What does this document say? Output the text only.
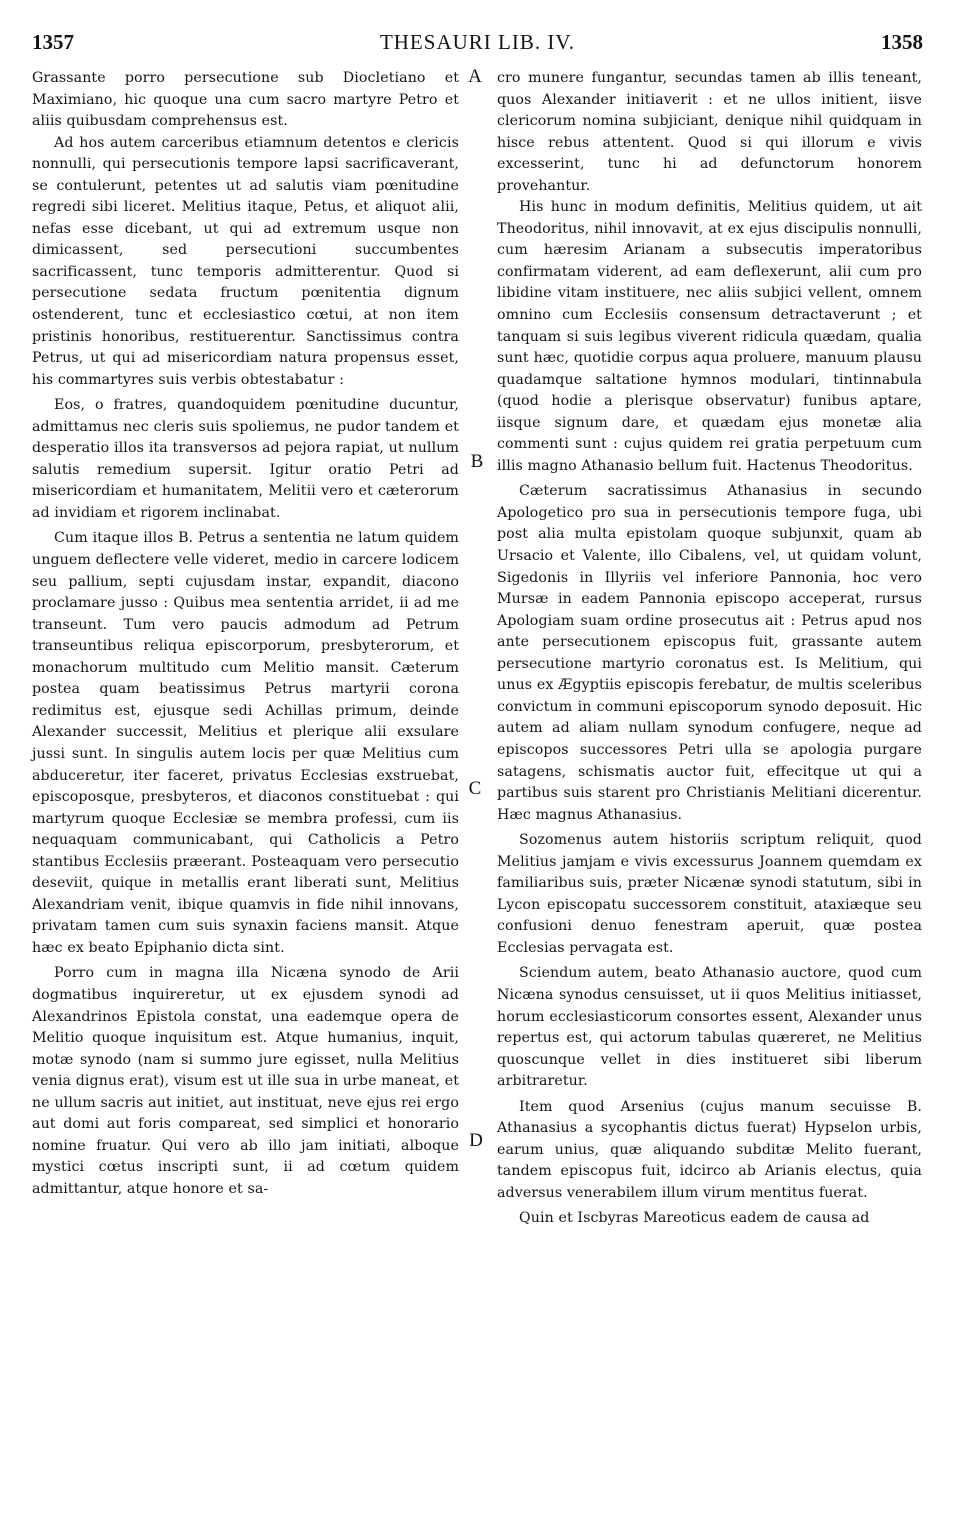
1357	THESAURI LIB. IV.	1358
A
B
C
D

Grassante porro persecutione sub Diocletiano et Maximiano, hic quoque una cum sacro martyre Petro et aliis quibusdam comprehensus est.

Ad hos autem carceribus etiamnum detentos e clericis nonnulli, qui persecutionis tempore lapsi sacrificaverant, se contulerunt, petentes ut ad salutis viam pœnitudine regredi sibi liceret. Melitius itaque, Petus, et aliquot alii, nefas esse dicebant, ut qui ad extremum usque non dimicassent, sed persecutioni succumbentes sacrificassent, tunc temporis admitterentur. Quod si persecutione sedata fructum pœnitentia dignum ostenderent, tunc et ecclesiastico cœtui, at non item pristinis honoribus, restituerentur. Sanctissimus contra Petrus, ut qui ad misericordiam natura propensus esset, his commartyres suis verbis obtestabatur :

Eos, o fratres, quandoquidem pœnitudine ducuntur, admittamus nec cleris suis spoliemus, ne pudor tandem et desperatio illos ita transversos ad pejora rapiat, ut nullum salutis remedium supersit. Igitur oratio Petri ad misericordiam et humanitatem, Melitii vero et cæterorum ad invidiam et rigorem inclinabat.

Cum itaque illos B. Petrus a sententia ne latum quidem unguem deflectere velle videret, medio in carcere lodicem seu pallium, septi cujusdam instar, expandit, diacono proclamare jusso : Quibus mea sententia arridet, ii ad me transeunt. Tum vero paucis admodum ad Petrum transeuntibus reliqua episcorporum, presbyterorum, et monachorum multitudo cum Melitio mansit. Cæterum postea quam beatissimus Petrus martyrii corona redimitus est, ejusque sedi Achillas primum, deinde Alexander successit, Melitius et plerique alii exsulare jussi sunt. In singulis autem locis per quæ Melitius cum abduceretur, iter faceret, privatus Ecclesias exstruebat, episcoposque, presbyteros, et diaconos constituebat : qui martyrum quoque Ecclesiæ se membra professi, cum iis nequaquam communicabant, qui Catholicis a Petro stantibus Ecclesiis præerant. Posteaquam vero persecutio deseviit, quique in metallis erant liberati sunt, Melitius Alexandriam venit, ibique quamvis in fide nihil innovans, privatam tamen cum suis synaxin faciens mansit. Atque hæc ex beato Epiphanio dicta sint.

Porro cum in magna illa Nicæna synodo de Arii dogmatibus inquireretur, ut ex ejusdem synodi ad Alexandrinos Epistola constat, una eademque opera de Melitio quoque inquisitum est. Atque humanius, inquit, motæ synodo (nam si summo jure egisset, nulla Melitius venia dignus erat), visum est ut ille sua in urbe maneat, et ne ullum sacris aut initiet, aut instituat, neve ejus rei ergo aut domi aut foris compareat, sed simplici et honorario nomine fruatur. Qui vero ab illo jam initiati, alboque mystici cœtus inscripti sunt, ii ad cœtum quidem admittantur, atque honore et sa-

cro munere fungantur, secundas tamen ab illis teneant, quos Alexander initiaverit : et ne ullos initient, iisve clericorum nomina subjiciant, denique nihil quidquam in hisce rebus attentent. Quod si qui illorum e vivis excesserint, tunc hi ad defunctorum honorem provehantur.

His hunc in modum definitis, Melitius quidem, ut ait Theodoritus, nihil innovavit, at ex ejus discipulis nonnulli, cum hæresim Arianam a subsecutis imperatoribus confirmatam viderent, ad eam deflexerunt, alii cum pro libidine vitam instituere, nec aliis subjici vellent, omnem omnino cum Ecclesiis consensum detractaverunt ; et tanquam si suis legibus viverent ridicula quædam, qualia sunt hæc, quotidie corpus aqua proluere, manuum plausu quadamque saltatione hymnos modulari, tintinnabula (quod hodie a plerisque observatur) funibus aptare, iisque signum dare, et quædam ejus monetæ alia commenti sunt : cujus quidem rei gratia perpetuum cum illis magno Athanasio bellum fuit. Hactenus Theodoritus.

Cæterum sacratissimus Athanasius in secundo Apologetico pro sua in persecutionis tempore fuga, ubi post alia multa epistolam quoque subjunxit, quam ab Ursacio et Valente, illo Cibalens, vel, ut quidam volunt, Sigedonis in Illyriis vel inferiore Pannonia, hoc vero Mursæ in eadem Pannonia episcopo acceperat, rursus Apologiam suam ordine prosecutus ait : Petrus apud nos ante persecutionem episcopus fuit, grassante autem persecutione martyrio coronatus est. Is Melitium, qui unus ex Ægyptiis episcopis ferebatur, de multis sceleribus convictum in communi episcoporum synodo deposuit. Hic autem ad aliam nullam synodum confugere, neque ad episcopos successores Petri ulla se apologia purgare satagens, schismatis auctor fuit, effecitque ut qui a partibus suis starent pro Christianis Melitiani dicerentur. Hæc magnus Athanasius.

Sozomenus autem historiis scriptum reliquit, quod Melitius jamjam e vivis excessurus Joannem quemdam ex familiaribus suis, præter Nicænæ synodi statutum, sibi in Lycon episcopatu successorem constituit, ataxiæque seu confusioni denuo fenestram aperuit, quæ postea Ecclesias pervagata est.

Sciendum autem, beato Athanasio auctore, quod cum Nicæna synodus censuisset, ut ii quos Melitius initiasset, horum ecclesiasticorum consortes essent, Alexander unus repertus est, qui actorum tabulas quæreret, ne Melitius quoscunque vellet in dies institueret sibi liberum arbitraretur.

Item quod Arsenius (cujus manum secuisse B. Athanasius a sycophantis dictus fuerat) Hypselon urbis, earum unius, quæ aliquando subditæ Melito fuerant, tandem episcopus fuit, idcirco ab Arianis electus, quia adversus venerabilem illum virum mentitus fuerat.

Quin et Iscbyras Mareoticus eadem de causa ad
